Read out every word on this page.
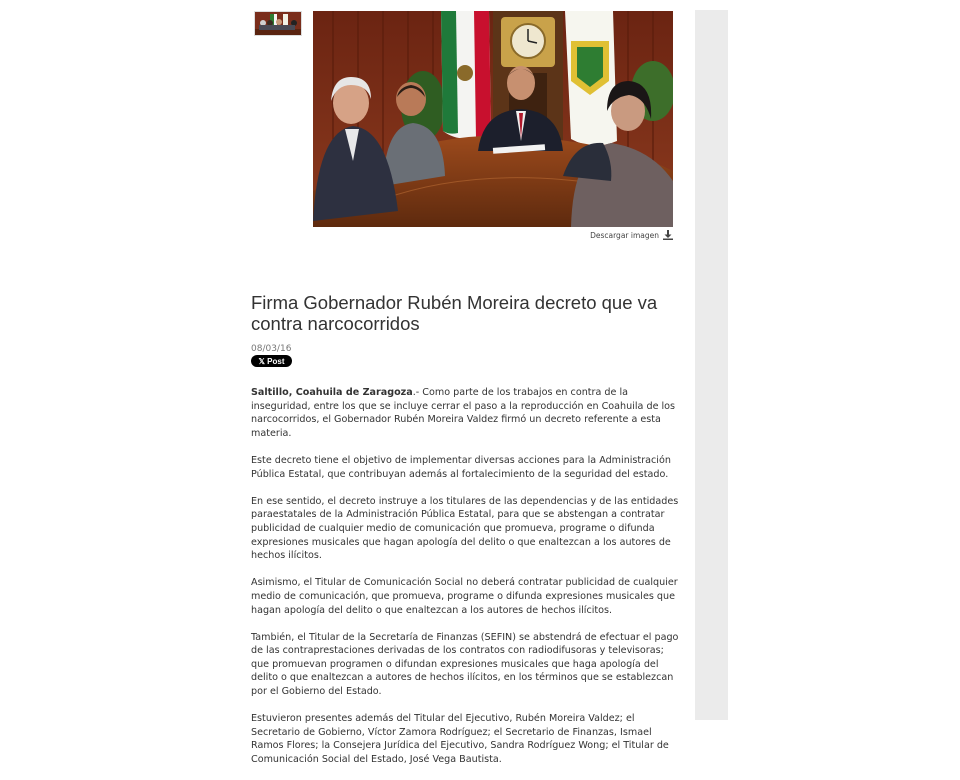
Descargar imagen
Firma Gobernador Rubén Moreira decreto que va contra narcocorridos
08/03/16
𝕏 Post

Saltillo, Coahuila de Zaragoza.- Como parte de los trabajos en contra de la inseguridad, entre los que se incluye cerrar el paso a la reproducción en Coahuila de los narcocorridos, el Gobernador Rubén Moreira Valdez firmó un decreto referente a esta materia.

Este decreto tiene el objetivo de implementar diversas acciones para la Administración Pública Estatal, que contribuyan además al fortalecimiento de la seguridad del estado.

En ese sentido, el decreto instruye a los titulares de las dependencias y de las entidades paraestatales de la Administración Pública Estatal, para que se abstengan a contratar publicidad de cualquier medio de comunicación que promueva, programe o difunda expresiones musicales que hagan apología del delito o que enaltezcan a los autores de hechos ilícitos.

Asimismo, el Titular de Comunicación Social no deberá contratar publicidad de cualquier medio de comunicación, que promueva, programe o difunda expresiones musicales que hagan apología del delito o que enaltezcan a los autores de hechos ilícitos.

También, el Titular de la Secretaría de Finanzas (SEFIN) se abstendrá de efectuar el pago de las contraprestaciones derivadas de los contratos con radiodifusoras y televisoras; que promuevan programen o difundan expresiones musicales que haga apología del delito o que enaltezcan a autores de hechos ilícitos, en los términos que se establezcan por el Gobierno del Estado.

Estuvieron presentes además del Titular del Ejecutivo, Rubén Moreira Valdez; el Secretario de Gobierno, Víctor Zamora Rodríguez; el Secretario de Finanzas, Ismael Ramos Flores; la Consejera Jurídica del Ejecutivo, Sandra Rodríguez Wong; el Titular de Comunicación Social del Estado, José Vega Bautista.
